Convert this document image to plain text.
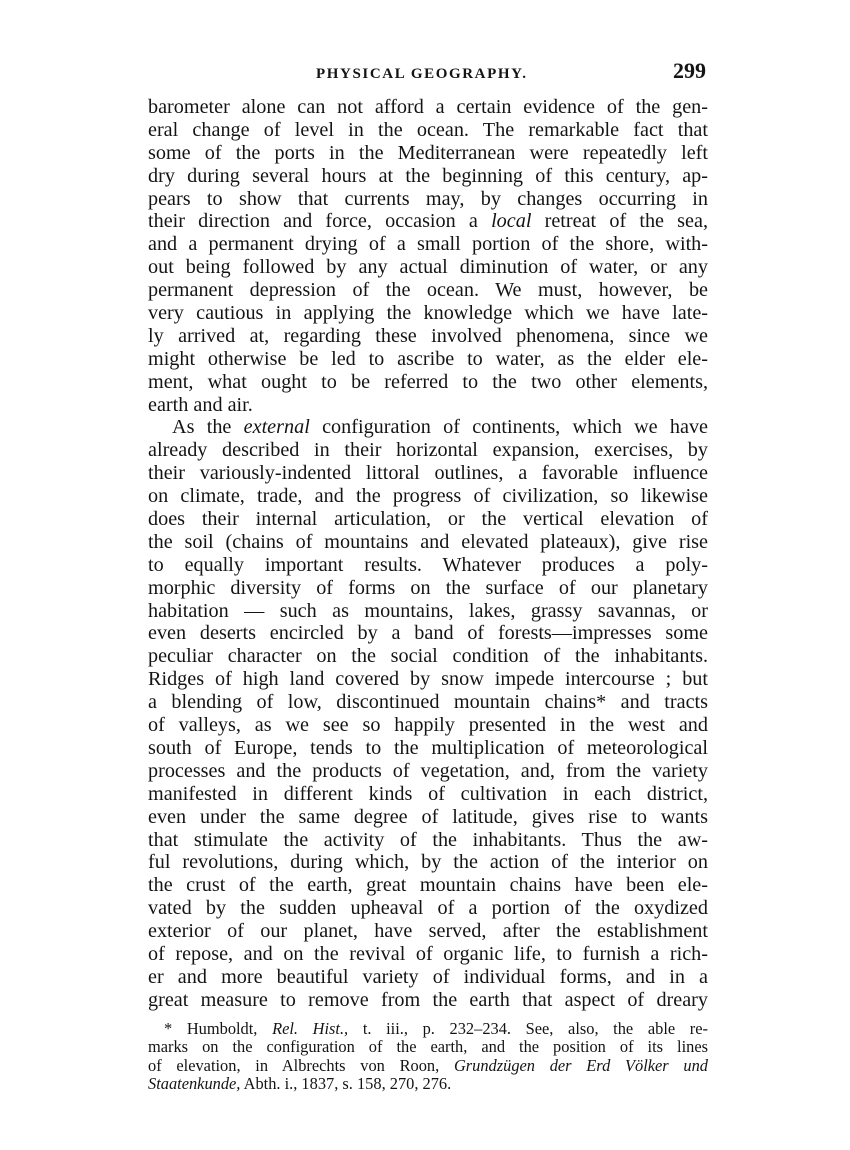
PHYSICAL GEOGRAPHY.	299
barometer alone can not afford a certain evidence of the gen-
eral change of level in the ocean. The remarkable fact that
some of the ports in the Mediterranean were repeatedly left
dry during several hours at the beginning of this century, ap-
pears to show that currents may, by changes occurring in
their direction and force, occasion a local retreat of the sea,
and a permanent drying of a small portion of the shore, with-
out being followed by any actual diminution of water, or any
permanent depression of the ocean. We must, however, be
very cautious in applying the knowledge which we have late-
ly arrived at, regarding these involved phenomena, since we
might otherwise be led to ascribe to water, as the elder ele-
ment, what ought to be referred to the two other elements,
earth and air.
As the external configuration of continents, which we have
already described in their horizontal expansion, exercises, by
their variously-indented littoral outlines, a favorable influence
on climate, trade, and the progress of civilization, so likewise
does their internal articulation, or the vertical elevation of
the soil (chains of mountains and elevated plateaux), give rise
to equally important results. Whatever produces a poly-
morphic diversity of forms on the surface of our planetary
habitation — such as mountains, lakes, grassy savannas, or
even deserts encircled by a band of forests—impresses some
peculiar character on the social condition of the inhabitants.
Ridges of high land covered by snow impede intercourse ; but
a blending of low, discontinued mountain chains* and tracts
of valleys, as we see so happily presented in the west and
south of Europe, tends to the multiplication of meteorological
processes and the products of vegetation, and, from the variety
manifested in different kinds of cultivation in each district,
even under the same degree of latitude, gives rise to wants
that stimulate the activity of the inhabitants. Thus the aw-
ful revolutions, during which, by the action of the interior on
the crust of the earth, great mountain chains have been ele-
vated by the sudden upheaval of a portion of the oxydized
exterior of our planet, have served, after the establishment
of repose, and on the revival of organic life, to furnish a rich-
er and more beautiful variety of individual forms, and in a
great measure to remove from the earth that aspect of dreary
* Humboldt, Rel. Hist., t. iii., p. 232–234. See, also, the able re-
marks on the configuration of the earth, and the position of its lines
of elevation, in Albrechts von Roon, Grundzügen der Erd Völker und
Staatenkunde, Abth. i., 1837, s. 158, 270, 276.
